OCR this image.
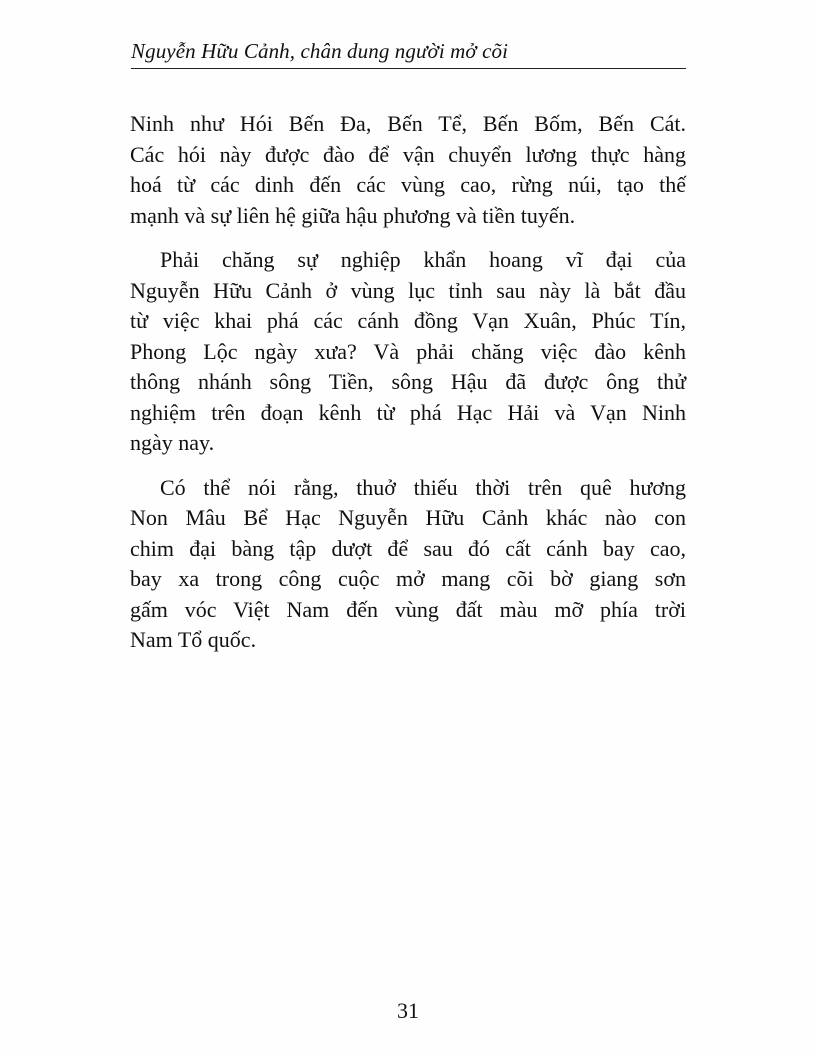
Nguyễn Hữu Cảnh, chân dung người mở cõi

Ninh như Hói Bến Đa, Bến Tể, Bến Bốm, Bến Cát.
Các hói này được đào để vận chuyển lương thực hàng
hoá từ các dinh đến các vùng cao, rừng núi, tạo thế
mạnh và sự liên hệ giữa hậu phương và tiền tuyến.

Phải chăng sự nghiệp khẩn hoang vĩ đại của
Nguyễn Hữu Cảnh ở vùng lục tỉnh sau này là bắt đầu
từ việc khai phá các cánh đồng Vạn Xuân, Phúc Tín,
Phong Lộc ngày xưa? Và phải chăng việc đào kênh
thông nhánh sông Tiền, sông Hậu đã được ông thử
nghiệm trên đoạn kênh từ phá Hạc Hải và Vạn Ninh
ngày nay.

Có thể nói rằng, thuở thiếu thời trên quê hương
Non Mâu Bể Hạc Nguyễn Hữu Cảnh khác nào con
chim đại bàng tập dượt để sau đó cất cánh bay cao,
bay xa trong công cuộc mở mang cõi bờ giang sơn
gấm vóc Việt Nam đến vùng đất màu mỡ phía trời
Nam Tổ quốc.

31
